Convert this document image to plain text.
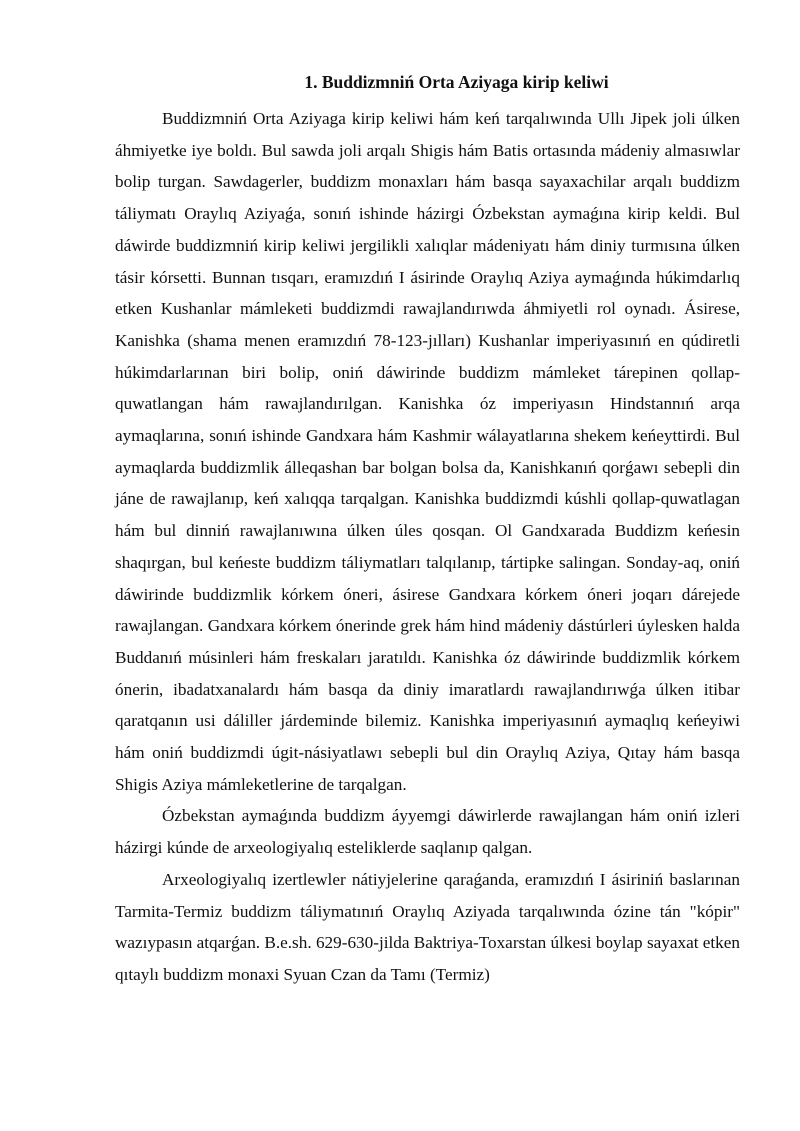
1. Buddizmniń Orta Aziyaga kirip keliwi

Buddizmniń Orta Aziyaga kirip keliwi hám keń tarqalıwında Ullı Jipek joli úlken áhmiyetke iye boldı. Bul sawda joli arqalı Shigis hám Batis ortasında mádeniy almasıwlar bolip turgan. Sawdagerler, buddizm monaxları hám basqa sayaxachilar arqalı buddizm táliymatı Oraylıq Aziyaǵa, sonıń ishinde házirgi Ózbekstan aymaǵına kirip keldi. Bul dáwirde buddizmniń kirip keliwi jergilikli xalıqlar mádeniyatı hám diniy turmısına úlken tásir kórsetti. Bunnan tısqarı, eramızdıń I ásirinde Oraylıq Aziya aymaǵında húkimdarlıq etken Kushanlar mámleketi buddizmdi rawajlandırıwda áhmiyetli rol oynadı. Ásirese, Kanishka (shama menen eramızdıń 78-123-jılları) Kushanlar imperiyasınıń en qúdiretli húkimdarlarınan biri bolip, oniń dáwirinde buddizm mámleket tárepinen qollap-quwatlangan hám rawajlandırılgan. Kanishka óz imperiyasın Hindstannıń arqa aymaqlarına, sonıń ishinde Gandxara hám Kashmir wálayatlarına shekem keńeyttirdi. Bul aymaqlarda buddizmlik álleqashan bar bolgan bolsa da, Kanishkanıń qorǵawı sebepli din jáne de rawajlanıp, keń xalıqqa tarqalgan. Kanishka buddizmdi kúshli qollap-quwatlagan hám bul dinniń rawajlanıwına úlken úles qosqan. Ol Gandxarada Buddizm keńesin shaqırgan, bul keńeste buddizm táliymatları talqılanıp, tártipke salingan. Sonday-aq, oniń dáwirinde buddizmlik kórkem óneri, ásirese Gandxara kórkem óneri joqarı dárejede rawajlangan. Gandxara kórkem ónerinde grek hám hind mádeniy dástúrleri úylesken halda Buddanıń músinleri hám freskaları jaratıldı. Kanishka óz dáwirinde buddizmlik kórkem ónerin, ibadatxanalardı hám basqa da diniy imaratlardı rawajlandırıwǵa úlken itibar qaratqanın usi dáliller járdeminde bilemiz. Kanishka imperiyasınıń aymaqlıq keńeyiwi hám oniń buddizmdi úgit-násiyatlawı sebepli bul din Oraylıq Aziya, Qıtay hám basqa Shigis Aziya mámleketlerine de tarqalgan.

Ózbekstan aymaǵında buddizm áyyemgi dáwirlerde rawajlangan hám oniń izleri házirgi kúnde de arxeologiyalıq esteliklerde saqlanıp qalgan.

Arxeologiyalıq izertlewler nátiyjelerine qaraǵanda, eramızdıń I ásiriniń baslarınan Tarmita-Termiz buddizm táliymatınıń Oraylıq Aziyada tarqalıwında ózine tán "kópir" wazıypasın atqarǵan. B.e.sh. 629-630-jilda Baktriya-Toxarstan úlkesi boylap sayaxat etken qıtaylı buddizm monaxi Syuan Czan da Tamı (Termiz)
